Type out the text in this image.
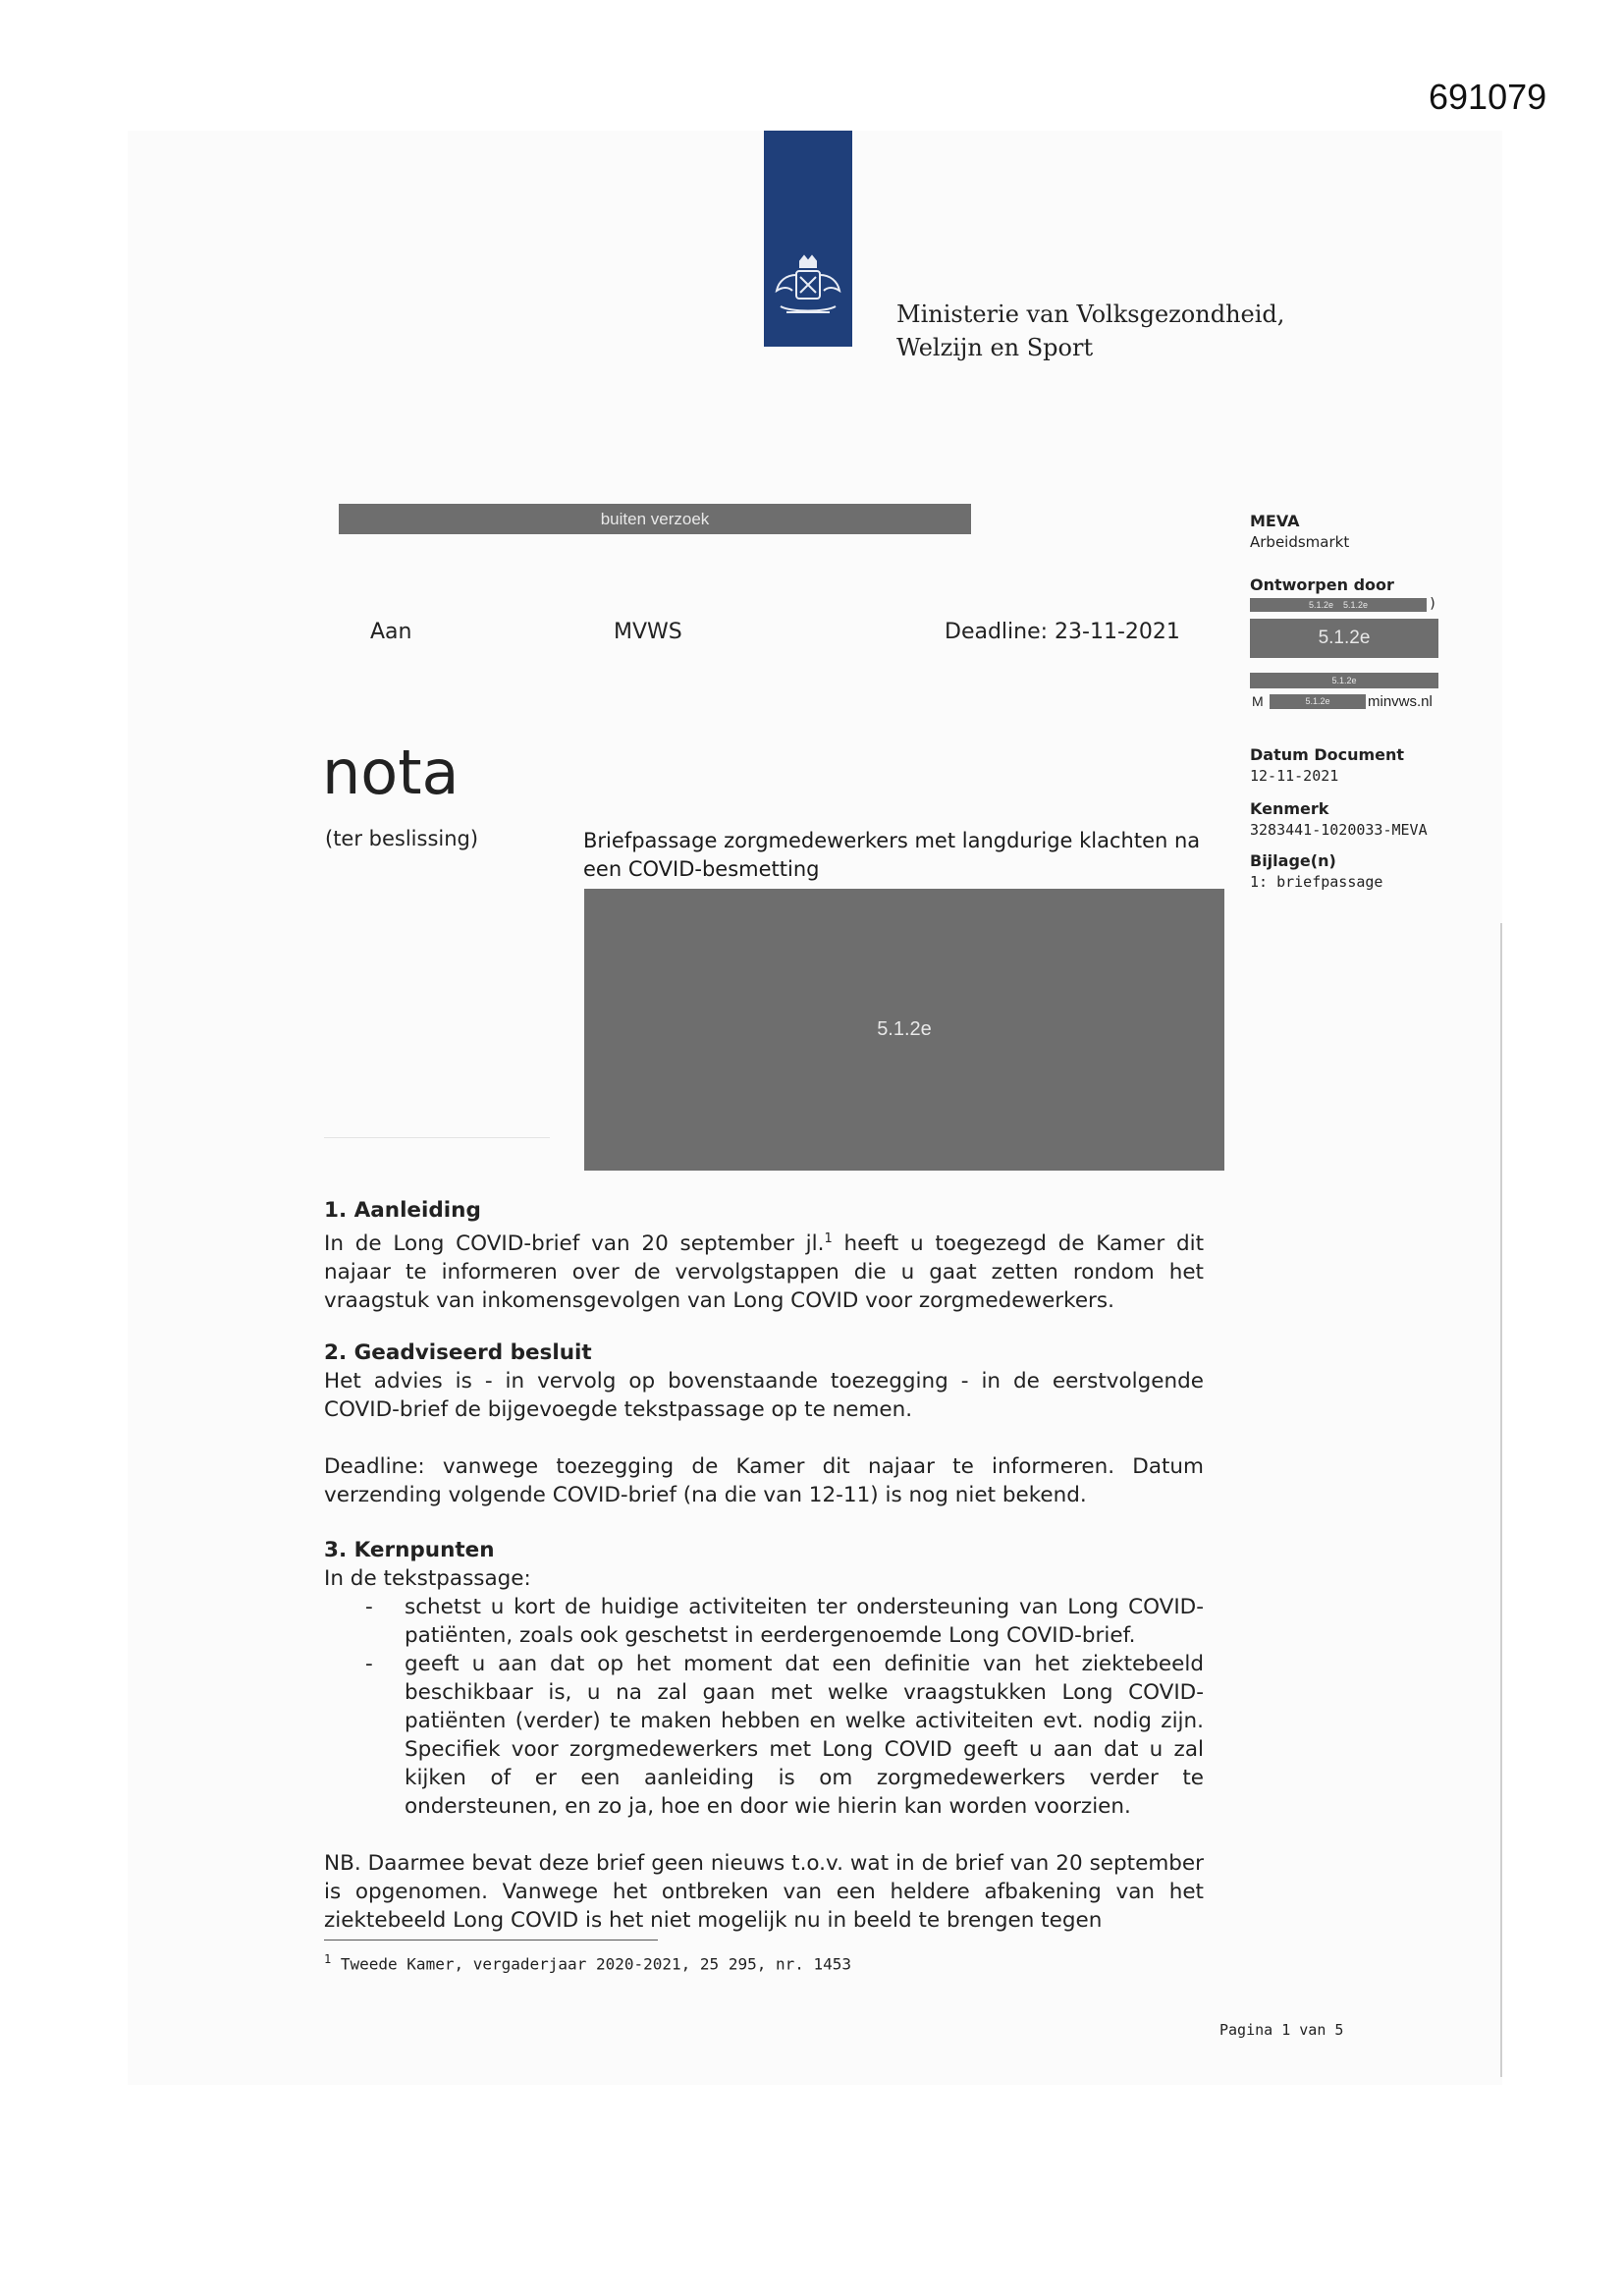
691079
Ministerie van Volksgezondheid,
Welzijn en Sport
buiten verzoek
Aan	MVWS	Deadline: 23-11-2021
MEVA
Arbeidsmarkt
Ontworpen door
5.1.2e 5.1.2e	)
5.1.2e
5.1.2e
M	5.1.2e	minvws.nl
Datum Document
12-11-2021
Kenmerk
3283441-1020033-MEVA
Bijlage(n)
1: briefpassage
nota
(ter beslissing)	Briefpassage zorgmedewerkers met langdurige klachten na een COVID-besmetting
5.1.2e
1. Aanleiding
In de Long COVID-brief van 20 september jl.$^1$ heeft u toegezegd de Kamer dit najaar te informeren over de vervolgstappen die u gaat zetten rondom het vraagstuk van inkomensgevolgen van Long COVID voor zorgmedewerkers.
2. Geadviseerd besluit
Het advies is - in vervolg op bovenstaande toezegging - in de eerstvolgende COVID-brief de bijgevoegde tekstpassage op te nemen.
Deadline: vanwege toezegging de Kamer dit najaar te informeren. Datum verzending volgende COVID-brief (na die van 12-11) is nog niet bekend.
3. Kernpunten
In de tekstpassage:
- schetst u kort de huidige activiteiten ter ondersteuning van Long COVID-patiënten, zoals ook geschetst in eerdergenoemde Long COVID-brief.
- geeft u aan dat op het moment dat een definitie van het ziektebeeld beschikbaar is, u na zal gaan met welke vraagstukken Long COVID-patiënten (verder) te maken hebben en welke activiteiten evt. nodig zijn. Specifiek voor zorgmedewerkers met Long COVID geeft u aan dat u zal kijken of er een aanleiding is om zorgmedewerkers verder te ondersteunen, en zo ja, hoe en door wie hierin kan worden voorzien.
NB. Daarmee bevat deze brief geen nieuws t.o.v. wat in de brief van 20 september is opgenomen. Vanwege het ontbreken van een heldere afbakening van het ziektebeeld Long COVID is het niet mogelijk nu in beeld te brengen tegen
$^1$ Tweede Kamer, vergaderjaar 2020-2021, 25 295, nr. 1453
Pagina 1 van 5
